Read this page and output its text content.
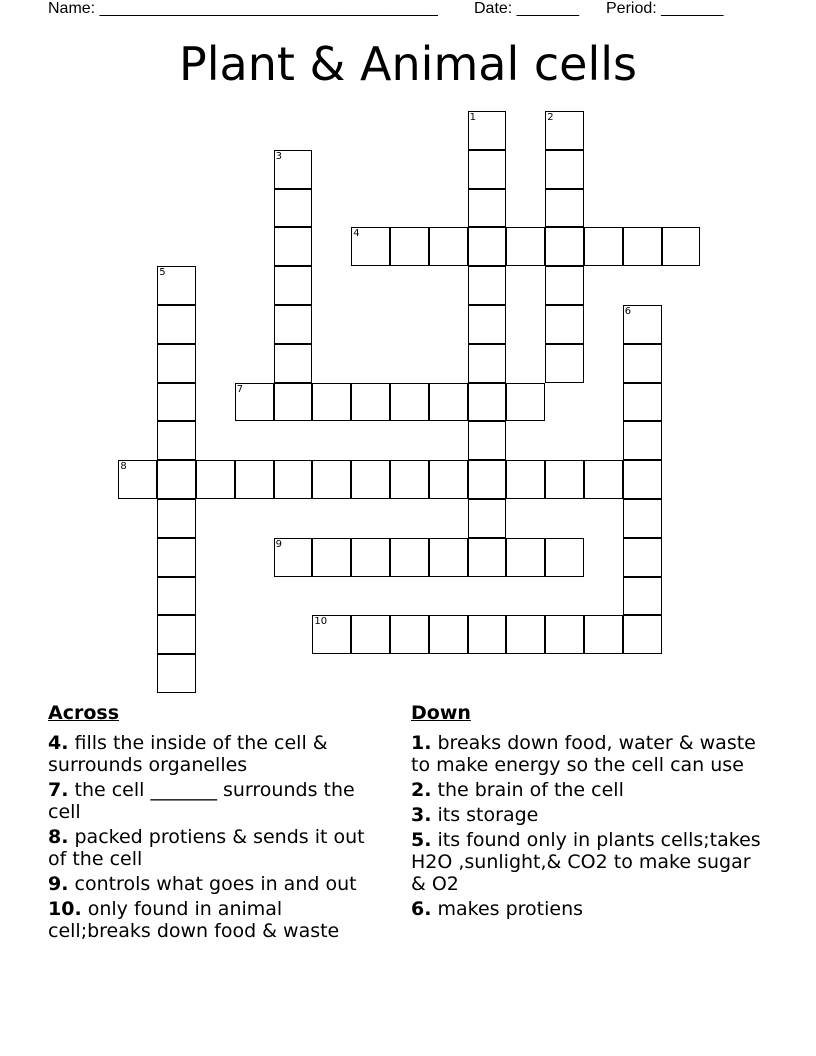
Name: ______________________________________ Date: _______ Period: _______
Plant & Animal cells
1	2
3
4
5
6
7
8
9
10
Across
4. fills the inside of the cell & surrounds organelles
7. the cell _______ surrounds the cell
8. packed protiens & sends it out of the cell
9. controls what goes in and out
10. only found in animal cell;breaks down food & waste
Down
1. breaks down food, water & waste to make energy so the cell can use
2. the brain of the cell
3. its storage
5. its found only in plants cells;takes H2O ,sunlight,& CO2 to make sugar & O2
6. makes protiens
